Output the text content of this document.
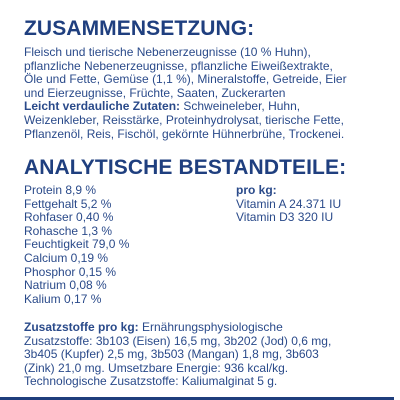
ZUSAMMENSETZUNG:
Fleisch und tierische Nebenerzeugnisse (10 % Huhn),
pflanzliche Nebenerzeugnisse, pflanzliche Eiweißextrakte,
Öle und Fette, Gemüse (1,1 %), Mineralstoffe, Getreide, Eier
und Eierzeugnisse, Früchte, Saaten, Zuckerarten
Leicht verdauliche Zutaten: Schweineleber, Huhn,
Weizenkleber, Reisstärke, Proteinhydrolysat, tierische Fette,
Pflanzenöl, Reis, Fischöl, gekörnte Hühnerbrühe, Trockenei.
ANALYTISCHE BESTANDTEILE:
Protein 8,9 %
Fettgehalt 5,2 %
Rohfaser 0,40 %
Rohasche 1,3 %
Feuchtigkeit 79,0 %
Calcium 0,19 %
Phosphor 0,15 %
Natrium 0,08 %
Kalium 0,17 %
pro kg:
Vitamin A 24.371 IU
Vitamin D3 320 IU
Zusatzstoffe pro kg: Ernährungsphysiologische
Zusatzstoffe: 3b103 (Eisen) 16,5 mg, 3b202 (Jod) 0,6 mg,
3b405 (Kupfer) 2,5 mg, 3b503 (Mangan) 1,8 mg, 3b603
(Zink) 21,0 mg. Umsetzbare Energie: 936 kcal/kg.
Technologische Zusatzstoffe: Kaliumalginat 5 g.
